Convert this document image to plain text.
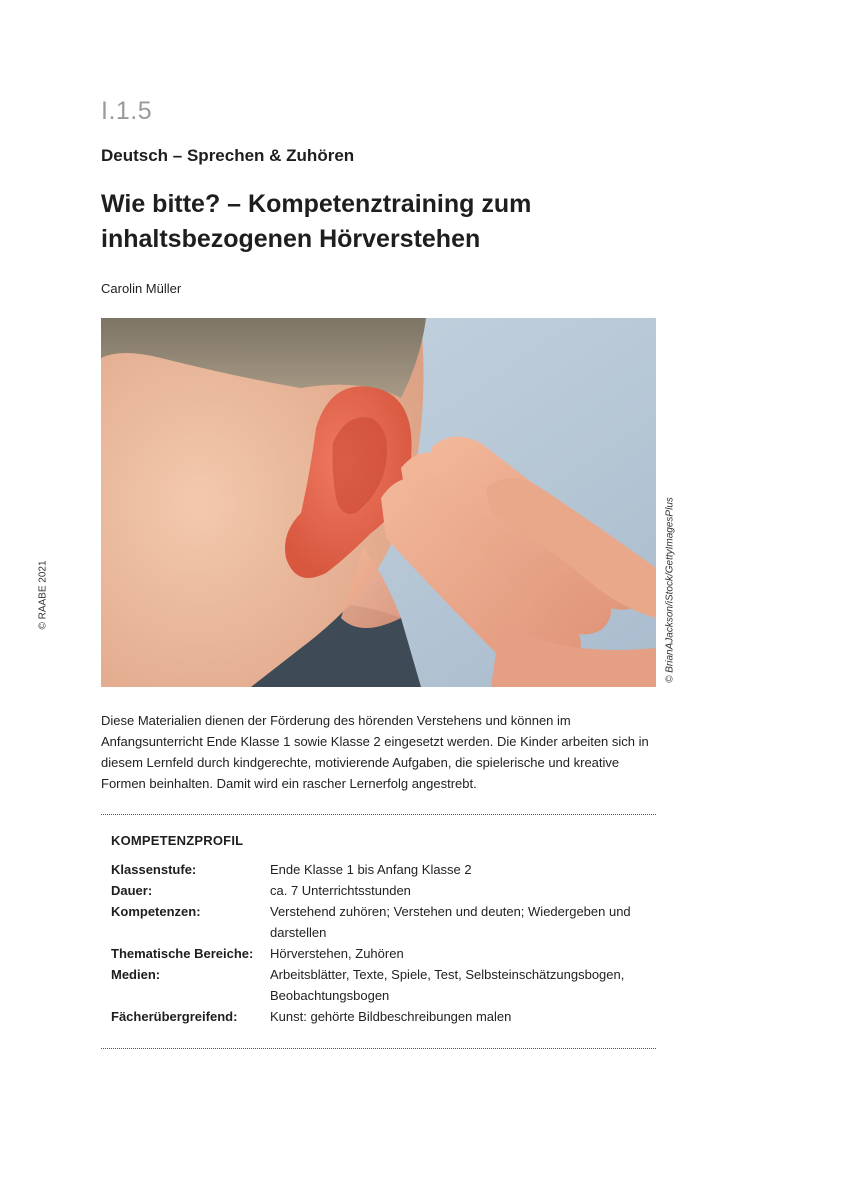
I.1.5
Deutsch – Sprechen & Zuhören
Wie bitte? – Kompetenztraining zum inhaltsbezogenen Hörverstehen
Carolin Müller
© RAABE 2021	© BrianAJackson/iStock/GettyImagesPlus
Diese Materialien dienen der Förderung des hörenden Verstehens und können im Anfangsunterricht Ende Klasse 1 sowie Klasse 2 eingesetzt werden. Die Kinder arbeiten sich in diesem Lernfeld durch kindgerechte, motivierende Aufgaben, die spielerische und kreative Formen beinhalten. Damit wird ein rascher Lernerfolg angestrebt.
KOMPETENZPROFIL
Klassenstufe:	Ende Klasse 1 bis Anfang Klasse 2
Dauer:	ca. 7 Unterrichtsstunden
Kompetenzen:	Verstehend zuhören; Verstehen und deuten; Wiedergeben und darstellen
Thematische Bereiche:	Hörverstehen, Zuhören
Medien:	Arbeitsblätter, Texte, Spiele, Test, Selbsteinschätzungsbogen, Beobachtungsbogen
Fächerübergreifend:	Kunst: gehörte Bildbeschreibungen malen
